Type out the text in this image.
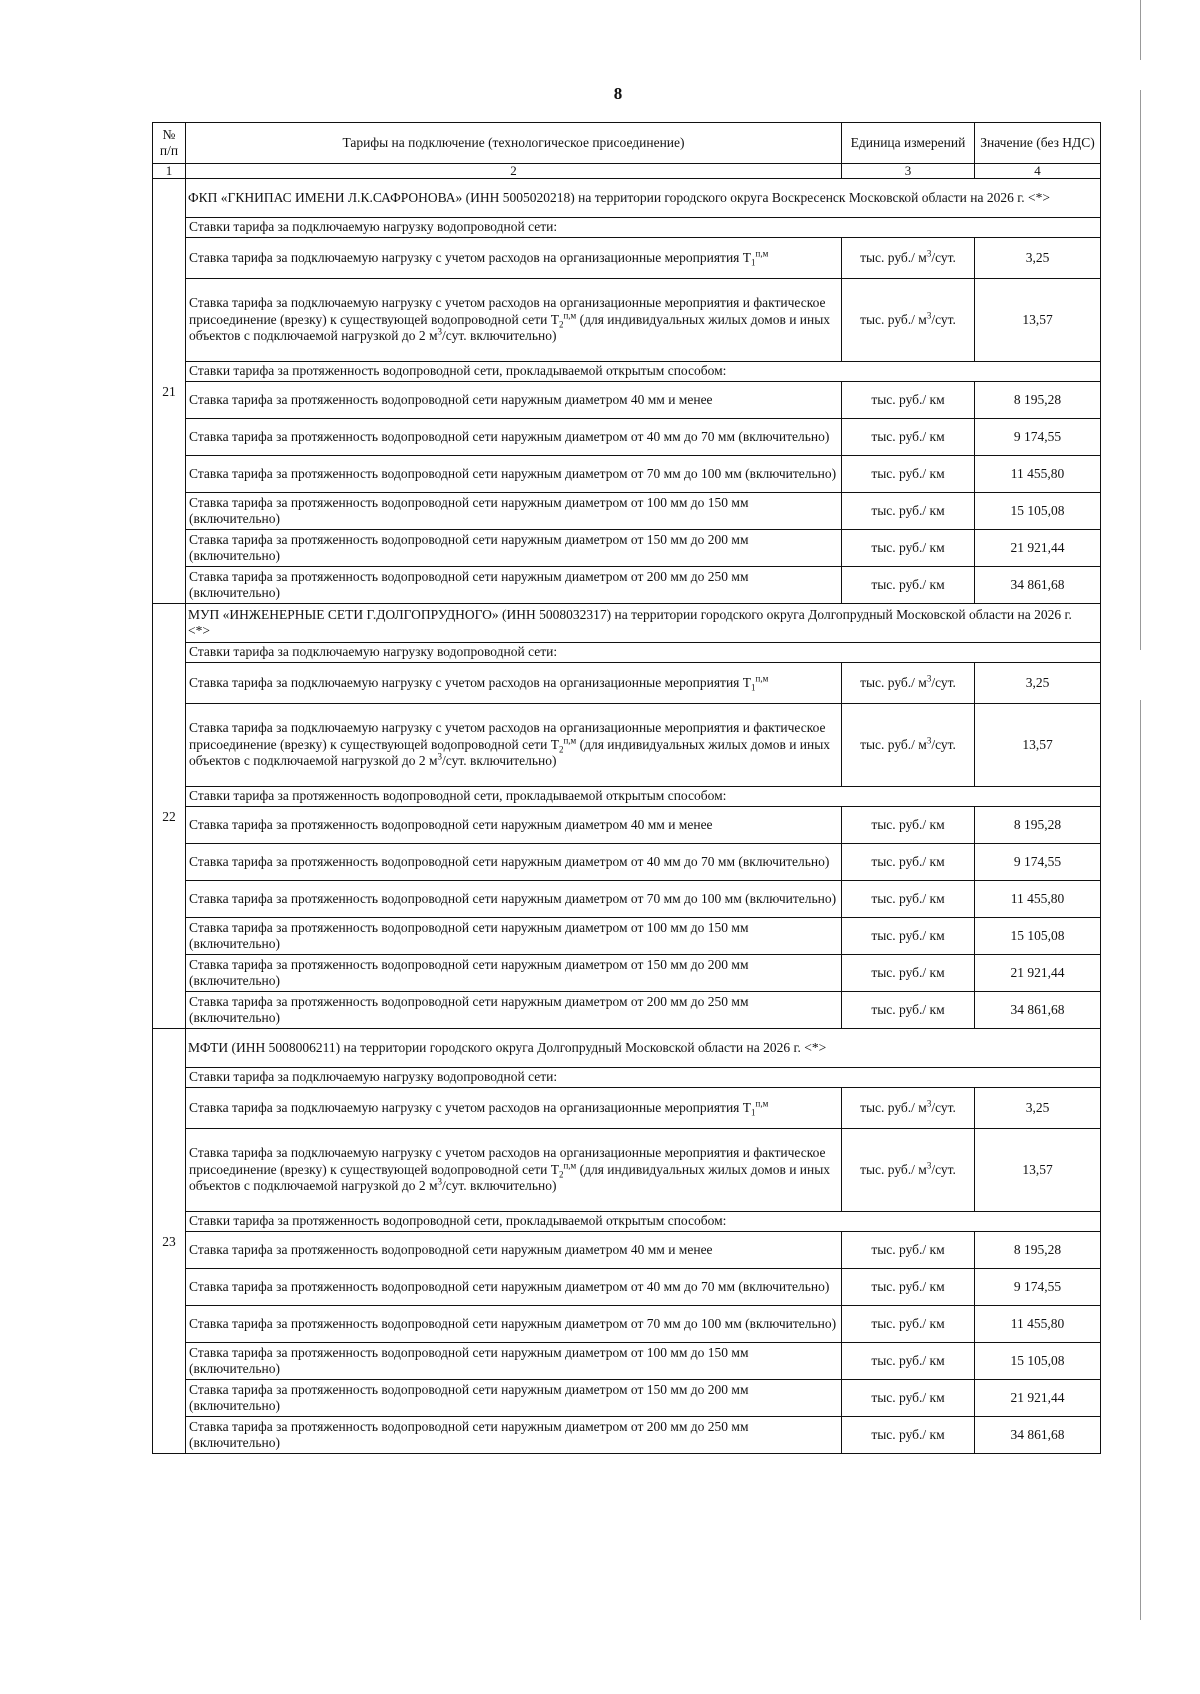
8
№ п/п	Тарифы на подключение (технологическое присоединение)	Единица измерений	Значение (без НДС)
1	2	3	4
21	ФКП «ГКНИПАС ИМЕНИ Л.К.САФРОНОВА» (ИНН 5005020218) на территории городского округа Воскресенск Московской области на 2026 г. <*>		
	Ставки тарифа за подключаемую нагрузку водопроводной сети:		
	Ставка тарифа за подключаемую нагрузку с учетом расходов на организационные мероприятия $T_1^{п,м}$	тыс. руб./ $м^3$/сут.	3,25
	Ставка тарифа за подключаемую нагрузку с учетом расходов на организационные мероприятия и фактическое присоединение (врезку) к существующей водопроводной сети $T_2^{п,м}$ (для индивидуальных жилых домов и иных объектов с подключаемой нагрузкой до 2 $м^3$/сут. включительно)	тыс. руб./ $м^3$/сут.	13,57
	Ставки тарифа за протяженность водопроводной сети, прокладываемой открытым способом:		
	Ставка тарифа за протяженность водопроводной сети наружным диаметром 40 мм и менее	тыс. руб./ км	8 195,28
	Ставка тарифа за протяженность водопроводной сети наружным диаметром от 40 мм до 70 мм (включительно)	тыс. руб./ км	9 174,55
	Ставка тарифа за протяженность водопроводной сети наружным диаметром от 70 мм до 100 мм (включительно)	тыс. руб./ км	11 455,80
	Ставка тарифа за протяженность водопроводной сети наружным диаметром от 100 мм до 150 мм (включительно)	тыс. руб./ км	15 105,08
	Ставка тарифа за протяженность водопроводной сети наружным диаметром от 150 мм до 200 мм (включительно)	тыс. руб./ км	21 921,44
	Ставка тарифа за протяженность водопроводной сети наружным диаметром от 200 мм до 250 мм (включительно)	тыс. руб./ км	34 861,68
22	МУП «ИНЖЕНЕРНЫЕ СЕТИ Г.ДОЛГОПРУДНОГО» (ИНН 5008032317) на территории городского округа Долгопрудный Московской области на 2026 г. <*>		
	Ставки тарифа за подключаемую нагрузку водопроводной сети:		
	Ставка тарифа за подключаемую нагрузку с учетом расходов на организационные мероприятия $T_1^{п,м}$	тыс. руб./ $м^3$/сут.	3,25
	Ставка тарифа за подключаемую нагрузку с учетом расходов на организационные мероприятия и фактическое присоединение (врезку) к существующей водопроводной сети $T_2^{п,м}$ (для индивидуальных жилых домов и иных объектов с подключаемой нагрузкой до 2 $м^3$/сут. включительно)	тыс. руб./ $м^3$/сут.	13,57
	Ставки тарифа за протяженность водопроводной сети, прокладываемой открытым способом:		
	Ставка тарифа за протяженность водопроводной сети наружным диаметром 40 мм и менее	тыс. руб./ км	8 195,28
	Ставка тарифа за протяженность водопроводной сети наружным диаметром от 40 мм до 70 мм (включительно)	тыс. руб./ км	9 174,55
	Ставка тарифа за протяженность водопроводной сети наружным диаметром от 70 мм до 100 мм (включительно)	тыс. руб./ км	11 455,80
	Ставка тарифа за протяженность водопроводной сети наружным диаметром от 100 мм до 150 мм (включительно)	тыс. руб./ км	15 105,08
	Ставка тарифа за протяженность водопроводной сети наружным диаметром от 150 мм до 200 мм (включительно)	тыс. руб./ км	21 921,44
	Ставка тарифа за протяженность водопроводной сети наружным диаметром от 200 мм до 250 мм (включительно)	тыс. руб./ км	34 861,68
23	МФТИ (ИНН 5008006211) на территории городского округа Долгопрудный Московской области на 2026 г. <*>		
	Ставки тарифа за подключаемую нагрузку водопроводной сети:		
	Ставка тарифа за подключаемую нагрузку с учетом расходов на организационные мероприятия $T_1^{п,м}$	тыс. руб./ $м^3$/сут.	3,25
	Ставка тарифа за подключаемую нагрузку с учетом расходов на организационные мероприятия и фактическое присоединение (врезку) к существующей водопроводной сети $T_2^{п,м}$ (для индивидуальных жилых домов и иных объектов с подключаемой нагрузкой до 2 $м^3$/сут. включительно)	тыс. руб./ $м^3$/сут.	13,57
	Ставки тарифа за протяженность водопроводной сети, прокладываемой открытым способом:		
	Ставка тарифа за протяженность водопроводной сети наружным диаметром 40 мм и менее	тыс. руб./ км	8 195,28
	Ставка тарифа за протяженность водопроводной сети наружным диаметром от 40 мм до 70 мм (включительно)	тыс. руб./ км	9 174,55
	Ставка тарифа за протяженность водопроводной сети наружным диаметром от 70 мм до 100 мм (включительно)	тыс. руб./ км	11 455,80
	Ставка тарифа за протяженность водопроводной сети наружным диаметром от 100 мм до 150 мм (включительно)	тыс. руб./ км	15 105,08
	Ставка тарифа за протяженность водопроводной сети наружным диаметром от 150 мм до 200 мм (включительно)	тыс. руб./ км	21 921,44
	Ставка тарифа за протяженность водопроводной сети наружным диаметром от 200 мм до 250 мм (включительно)	тыс. руб./ км	34 861,68
